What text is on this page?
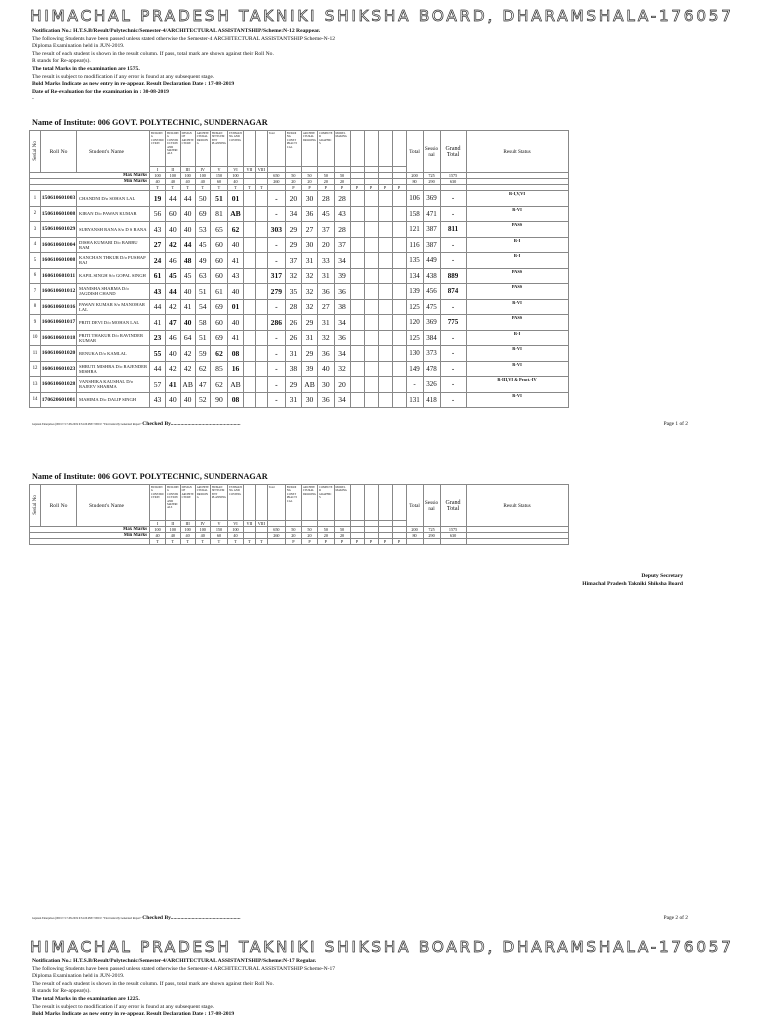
HIMACHAL PRADESH TAKNIKI SHIKSHA BOARD, DHARAMSHALA-176057
Notification No.: H.T.S.B/Result/Polytechnic/Semester-4/ARCHITECTURAL ASSISTANTSHIP/Scheme:N-12 Reappear.
The following Students have been passed unless stated otherwise the Semester-4 ARCHITECTURAL ASSISTANTSHIP Scheme-N-12
Diploma Examination held in JUN-2019.
The result of each student is shown in the result column. If pass, total mark are shown against their Roll No.
R stands for Re-appear(s).
The total Marks in the examination are 1575.
The result is subject to modification if any error is found at any subsequent stage.
Bold Marks Indicate as new entry in re-appear. Result Declaration Date : 17-08-2019
Date of Re-evaluation for the examination in : 30-08-2019
-
Name of Institute: 006 GOVT. POLYTECHNIC, SUNDERNAGAR
Serial No	Roll No	Student's Name	BUILDIN G CONSTRU CTION	BUILDIN G CONSTR UCTION AND MATERI ALS	DESIGN OF ARCHITE CTURE	ARCHITE CTURAL DRAWIN G	HUMAN SETTLEM ENT PLANNING	ESTIMATI NG AND COSTING			Total	BUILDI NG CONST PRACTI CAL	ARCHITE CTURAL DRAWING	COMPUTE R GRAPHIC S	MODEL MAKING					Total	Sessio nal	Grand Total	Result Status
			I	II	III	IV	V	VI	VII	VIII													
Max Marks			100	100	100	100	150	100			650	50	50	50	50					200	725	1575	
Min Marks			40	40	40	40	60	40			260	20	20	20	20					80	290	630	
			T	T	T	T	T	T	T	T		P	P	P	P	P	P	P	P				
1	150610601003	CHANDNI D/o SOHAN LAL	19	44	44	50	51	01			-	20	30	28	28					106	369	-	R-I,V,VI
2	150610601008	KIRAN D/o PAWAN KUMAR	56	60	40	69	81	AB			-	34	36	45	43					158	471	-	R-VI
3	150610601029	SURYANSH RANA S/o D S RANA	43	40	40	53	65	62			303	29	27	37	28					121	387	811	PASS
4	160610601004	DISHA KUMARI D/o BABBU RAM	27	42	44	45	60	40			-	29	30	20	37					116	387	-	R-I
5	160610601008	KANCHAN THKUR D/o PUSHAP RAJ	24	46	48	49	60	41			-	37	31	33	34					135	449	-	R-I
6	160610601011	KAPIL SINGH S/o GOPAL SINGH	61	45	45	63	60	43			317	32	32	31	39					134	438	889	PASS
7	160610601012	MANISHA SHARMA D/o JAGDISH CHAND	43	44	40	51	61	40			279	35	32	36	36					139	456	874	PASS
8	160610601016	PAWAN KUMAR S/o MANOHAR LAL	44	42	41	54	69	01			-	28	32	27	38					125	475	-	R-VI
9	160610601017	PRITI DEVI D/o MOHAN LAL	41	47	40	58	60	40			286	26	29	31	34					120	369	775	PASS
10	160610601018	PRITI THAKUR D/o RAVINDER KUMAR	23	46	64	51	69	41			-	26	31	32	36					125	384	-	R-I
11	160610601020	RENUKA D/o KAMLAL	55	40	42	59	62	08			-	31	29	36	34					130	373	-	R-VI
12	160610601023	SHRUTI MISHRA D/o RAJENDER MISHRA	44	42	42	62	85	16			-	38	39	40	32					149	478	-	R-VI
13	160610601028	VANSHIKA KAUSHAL D/o RAJEEV SHARMA	57	41	AB	47	62	AB			-	29	AB	30	20					-	326	-	R-III,VI & Pract.-IV
14	170620601001	MAHIMA D/o DALIP SINGH	43	40	40	52	90	08			-	31	30	36	34					131	418	-	R-VI
Gajanan Enterprises (0001>>17-08-2019 6:54:26 PM>>0001> "Electronically Generated Report" Checked By..................................................	Page 1 of 2
Name of Institute: 006 GOVT. POLYTECHNIC, SUNDERNAGAR
Serial No	Roll No	Student's Name	BUILDIN G CONSTRU CTION	BUILDIN G CONSTR UCTION AND MATERI ALS	DESIGN OF ARCHITE CTURE	ARCHITE CTURAL DRAWIN G	HUMAN SETTLEM ENT PLANNING	ESTIMATI NG AND COSTING			Total	BUILDI NG CONST PRACTI CAL	ARCHITE CTURAL DRAWING	COMPUTE R GRAPHIC S	MODEL MAKING					Total	Sessio nal	Grand Total	Result Status
			I	II	III	IV	V	VI	VII	VIII													
Max Marks			100	100	100	100	150	100			650	50	50	50	50					200	725	1575	
Min Marks			40	40	40	40	60	40			260	20	20	20	20					80	290	630	
			T	T	T	T	T	T	T	T		P	P	P	P	P	P	P	P				
Deputy Secretary
Himachal Pradesh Takniki Shiksha Board
Gajanan Enterprises (0001>>17-08-2019 6:54:26 PM>>0001> "Electronically Generated Report" Checked By..................................................	Page 2 of 2
HIMACHAL PRADESH TAKNIKI SHIKSHA BOARD, DHARAMSHALA-176057
Notification No.: H.T.S.B/Result/Polytechnic/Semester-4/ARCHITECTURAL ASSISTANTSHIP/Scheme:N-17 Regular.
The following Students have been passed unless stated otherwise the Semester-4 ARCHITECTURAL ASSISTANTSHIP Scheme-N-17
Diploma Examination held in JUN-2019.
The result of each student is shown in the result column. If pass, total mark are shown against their Roll No.
R stands for Re-appear(s).
The total Marks in the examination are 1225.
The result is subject to modification if any error is found at any subsequent stage.
Bold Marks Indicate as new entry in re-appear. Result Declaration Date : 17-08-2019
